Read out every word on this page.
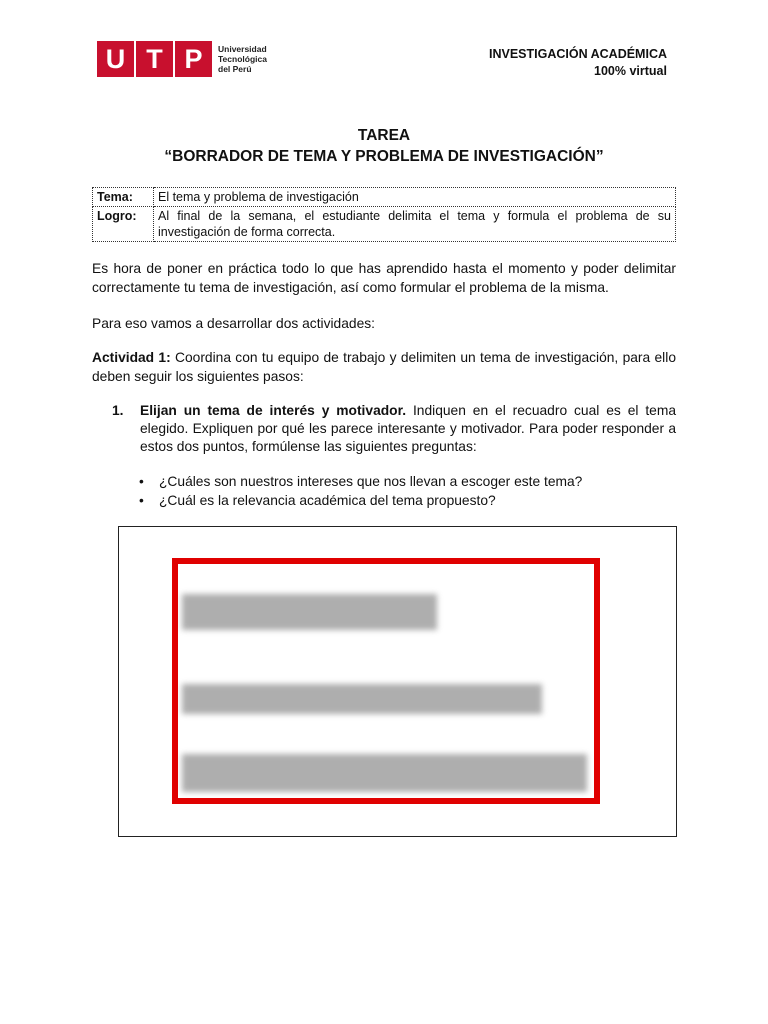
U T P	Universidad
Tecnológica
del Perú
INVESTIGACIÓN ACADÉMICA
100% virtual
TAREA
“BORRADOR DE TEMA Y PROBLEMA DE INVESTIGACIÓN”
Tema:	El tema y problema de investigación
Logro:	Al final de la semana, el estudiante delimita el tema y formula el problema de su investigación de forma correcta.
Es hora de poner en práctica todo lo que has aprendido hasta el momento y poder delimitar correctamente tu tema de investigación, así como formular el problema de la misma.
Para eso vamos a desarrollar dos actividades:
Actividad 1: Coordina con tu equipo de trabajo y delimiten un tema de investigación, para ello deben seguir los siguientes pasos:
1. Elijan un tema de interés y motivador. Indiquen en el recuadro cual es el tema elegido. Expliquen por qué les parece interesante y motivador. Para poder responder a estos dos puntos, formúlense las siguientes preguntas:
•	¿Cuáles son nuestros intereses que nos llevan a escoger este tema?
•	¿Cuál es la relevancia académica del tema propuesto?
